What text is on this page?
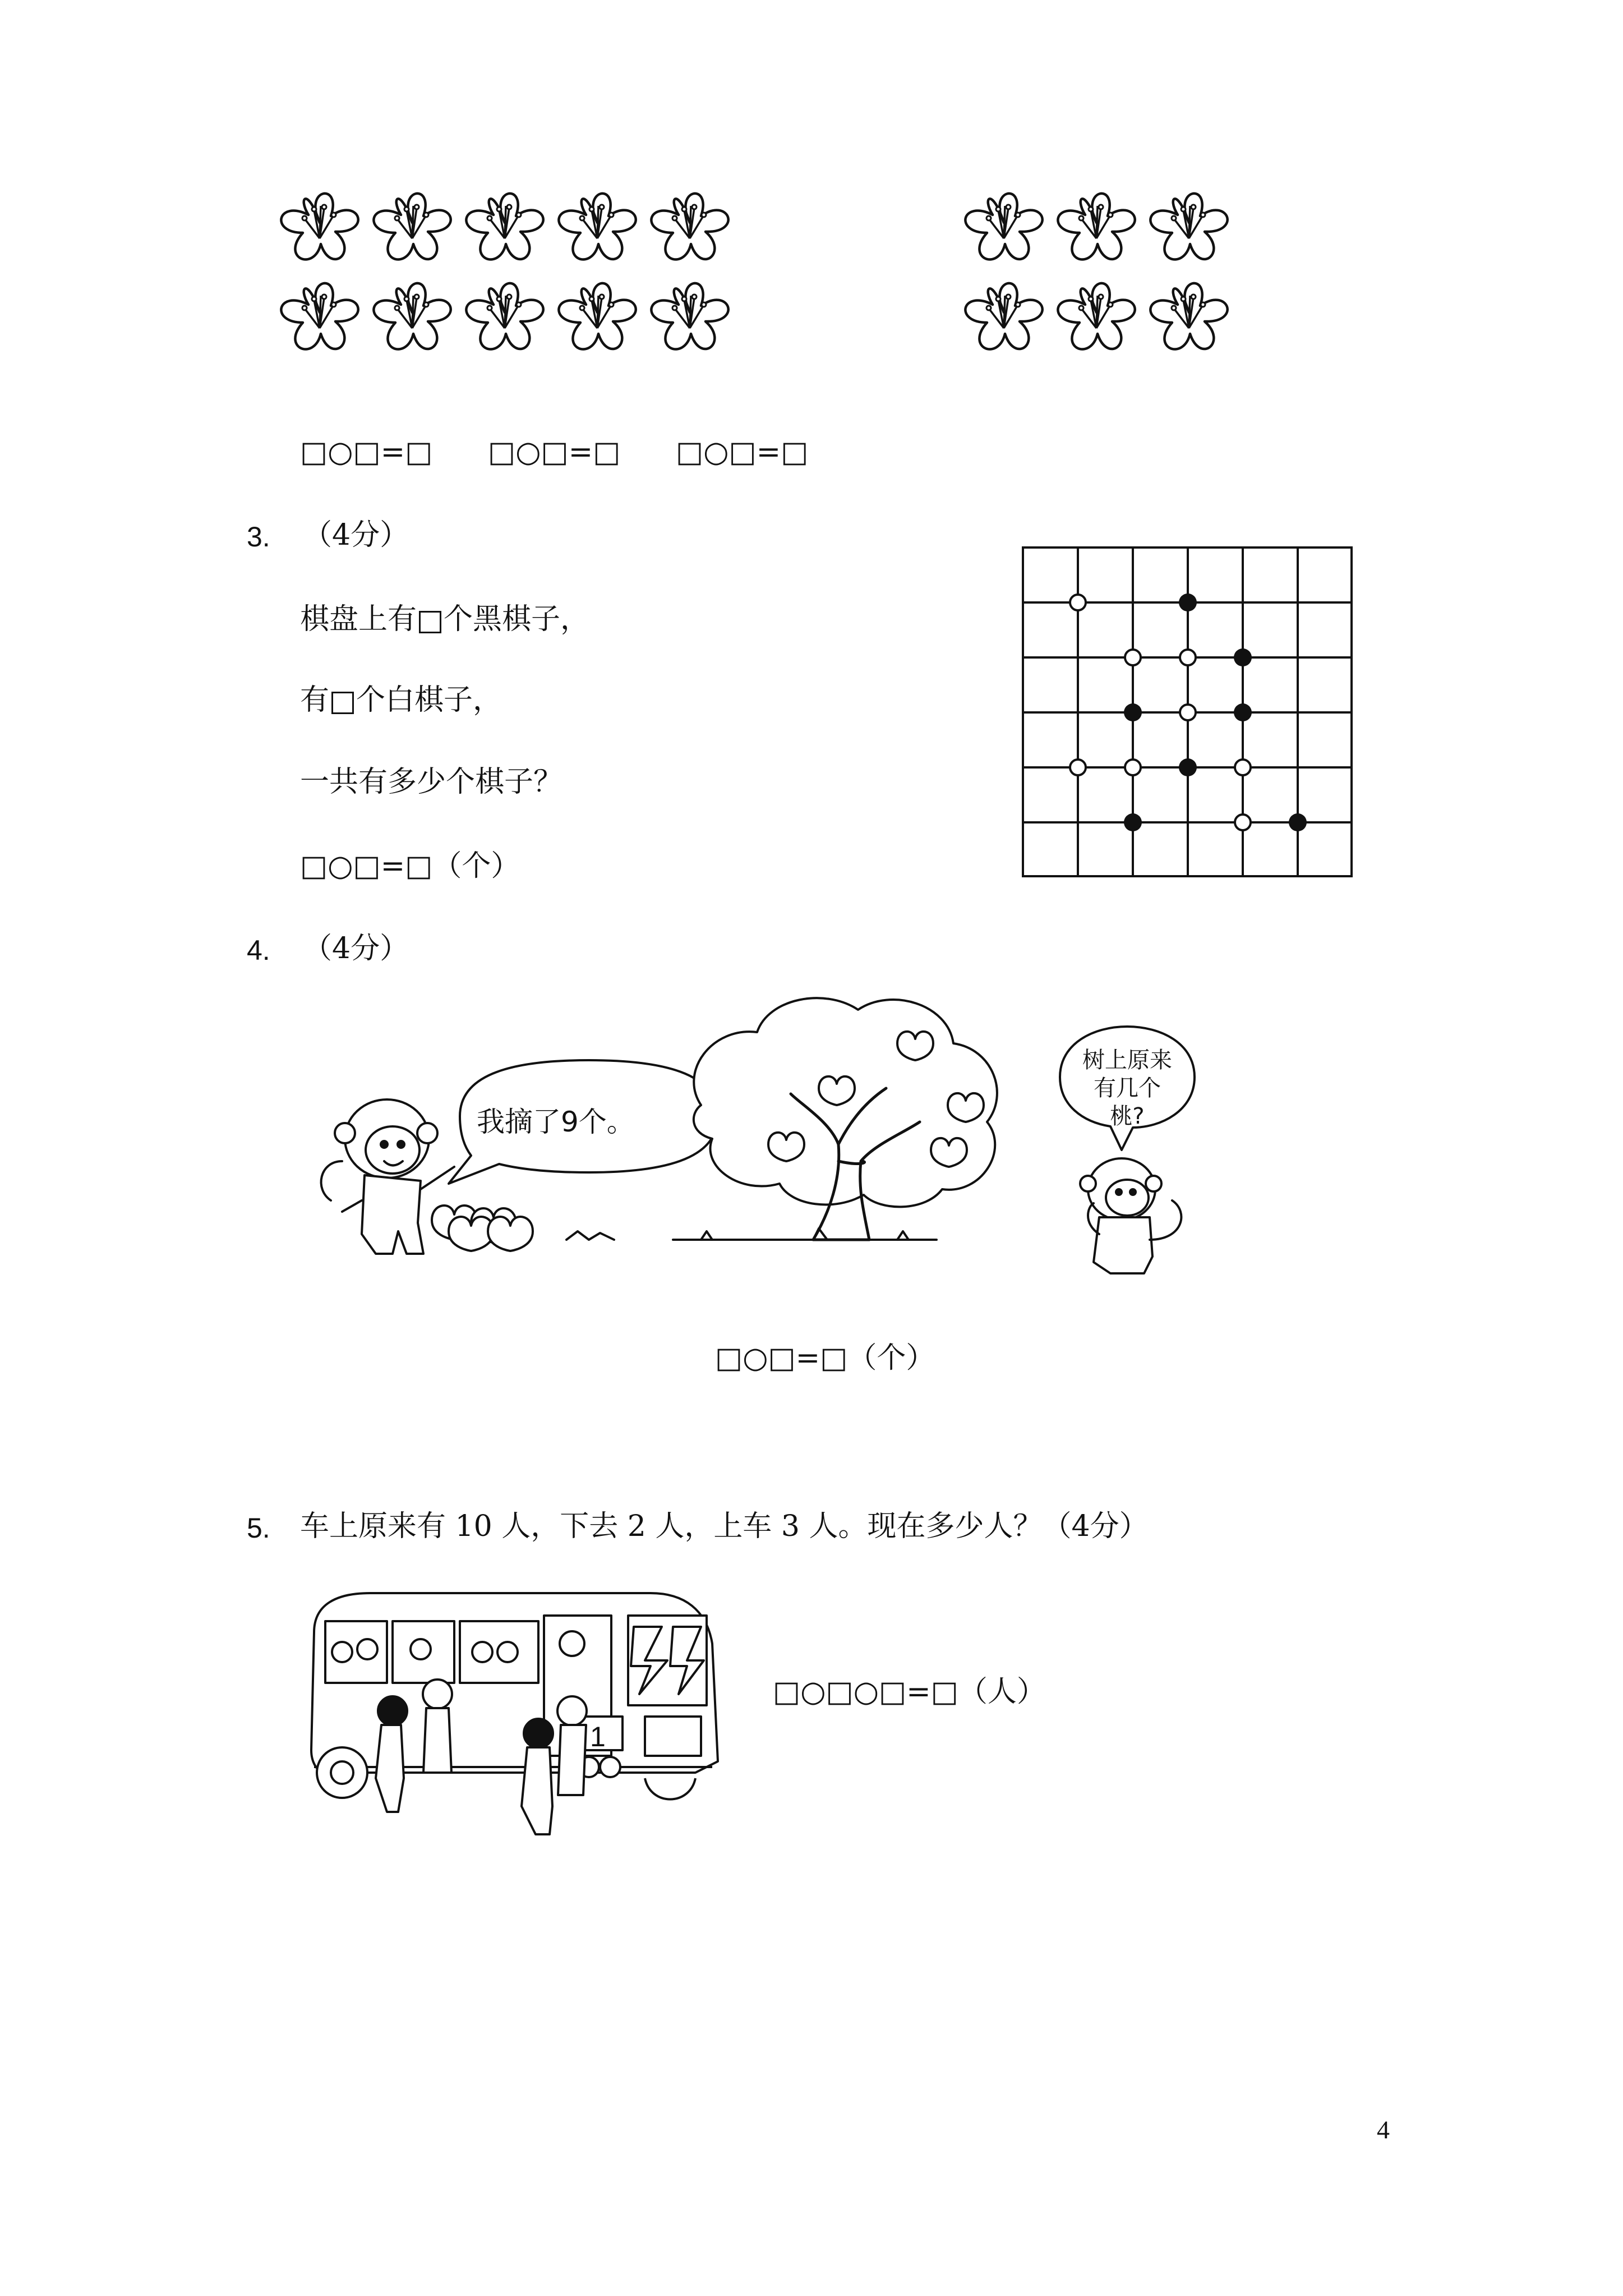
□○□=□ □○□=□ □○□=□
3. （4分）
棋盘上有 个黑棋子，
有 个白棋子，
一共有多少个棋子？
□○□=□（个）
4. （4分）
我摘了9个。
树上原来
有几个桃?
□○□=□（个）
5. 车上原来有 10 人，下去 2 人，上车 3 人。现在多少人？（4分）
1
□○□○□=□（人）
4
